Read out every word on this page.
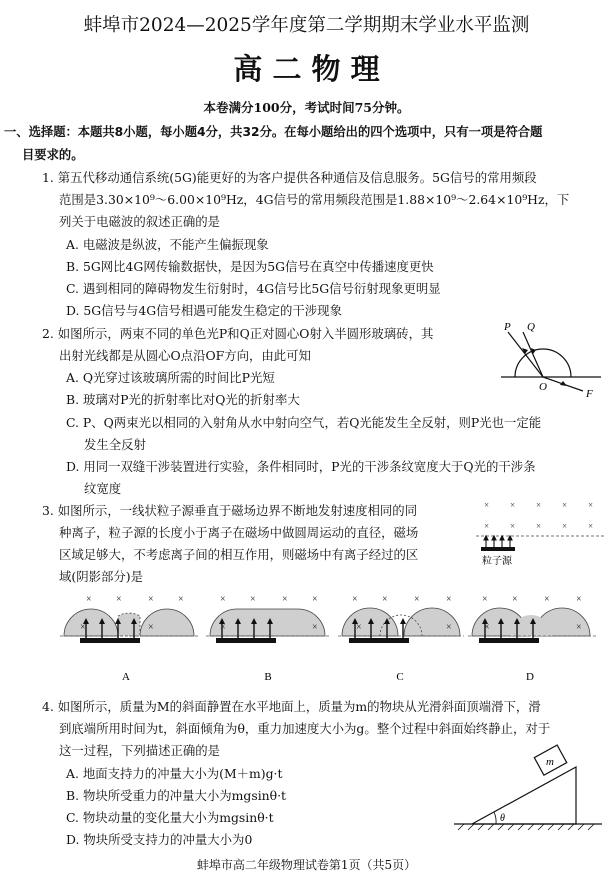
蚌埠市2024—2025学年度第二学期期末学业水平监测
高 二 物 理
本卷满分100分，考试时间75分钟。
一、选择题：本题共8小题，每小题4分，共32分。在每小题给出的四个选项中，只有一项是符合题
目要求的。
1. 第五代移动通信系统(5G)能更好的为客户提供各种通信及信息服务。5G信号的常用频段
范围是3.30×10⁹～6.00×10⁹Hz，4G信号的常用频段范围是1.88×10⁹～2.64×10⁹Hz，下
列关于电磁波的叙述正确的是
A. 电磁波是纵波，不能产生偏振现象
B. 5G网比4G网传输数据快，是因为5G信号在真空中传播速度更快
C. 遇到相同的障碍物发生衍射时，4G信号比5G信号衍射现象更明显
D. 5G信号与4G信号相遇可能发生稳定的干涉现象
2. 如图所示，两束不同的单色光P和Q正对圆心O射入半圆形玻璃砖，其
出射光线都是从圆心O点沿OF方向，由此可知
A. Q光穿过该玻璃所需的时间比P光短
B. 玻璃对P光的折射率比对Q光的折射率大
C. P、Q两束光以相同的入射角从水中射向空气，若Q光能发生全反射，则P光也一定能
发生全反射
D. 用同一双缝干涉装置进行实验，条件相同时，P光的干涉条纹宽度大于Q光的干涉条
纹宽度
P Q
O
F
3. 如图所示，一线状粒子源垂直于磁场边界不断地发射速度相同的同
种离子，粒子源的长度小于离子在磁场中做圆周运动的直径，磁场
区域足够大，不考虑离子间的相互作用，则磁场中有离子经过的区
域(阴影部分)是
× × × × ×
× × × × ×
粒子源
A	B	C	D
× ×	× ×
×	×
× ×	× ×
×	×
× ×	×	×
×	×
× ×	×	×
×	×
4. 如图所示，质量为M的斜面静置在水平地面上，质量为m的物块从光滑斜面顶端滑下，滑
到底端所用时间为t，斜面倾角为θ，重力加速度大小为g。整个过程中斜面始终静止，对于
这一过程，下列描述正确的是
A. 地面支持力的冲量大小为(M＋m)g·t
B. 物块所受重力的冲量大小为mgsinθ·t
C. 物块动量的变化量大小为mgsinθ·t
D. 物块所受支持力的冲量大小为0
m
θ
蚌埠市高二年级物理试卷第1页（共5页）
